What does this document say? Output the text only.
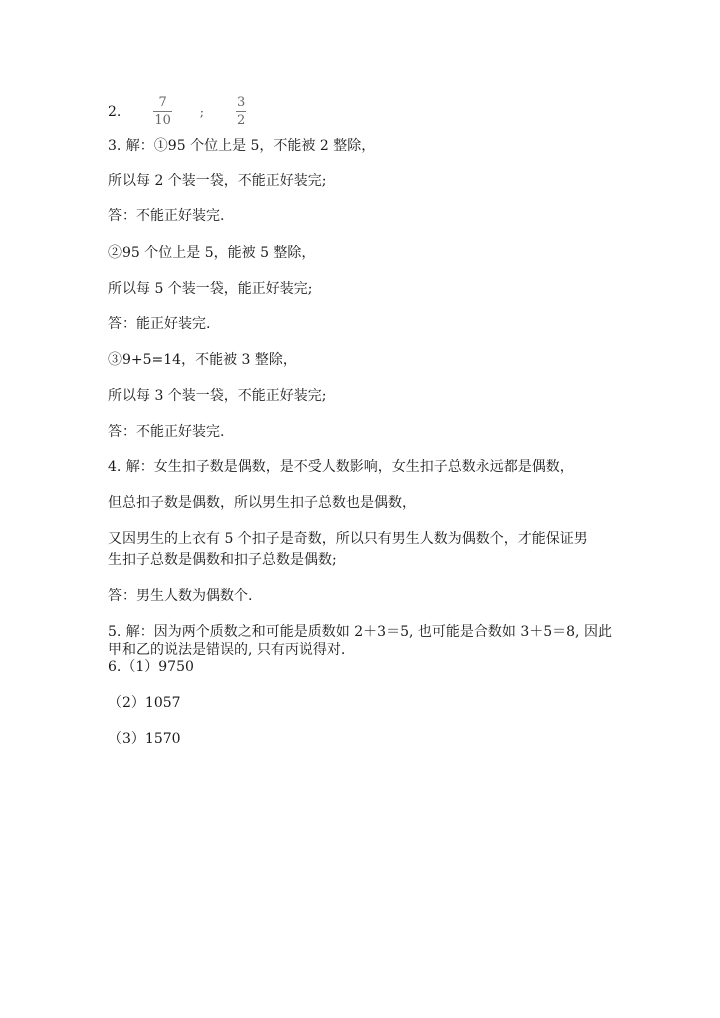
2. $\frac{7}{10}$ ; $\frac{3}{2}$
3. 解：①95 个位上是 5，不能被 2 整除，
所以每 2 个装一袋，不能正好装完;
答：不能正好装完.
②95 个位上是 5，能被 5 整除，
所以每 5 个装一袋，能正好装完;
答：能正好装完.
③9+5=14，不能被 3 整除，
所以每 3 个装一袋，不能正好装完;
答：不能正好装完.
4. 解：女生扣子数是偶数，是不受人数影响，女生扣子总数永远都是偶数，
但总扣子数是偶数，所以男生扣子总数也是偶数，
又因男生的上衣有 5 个扣子是奇数，所以只有男生人数为偶数个，才能保证男
生扣子总数是偶数和扣子总数是偶数;
答：男生人数为偶数个.
5. 解：因为两个质数之和可能是质数如 2＋3＝5, 也可能是合数如 3＋5＝8, 因此
甲和乙的说法是错误的, 只有丙说得对.
6.（1）9750
（2）1057
（3）1570
